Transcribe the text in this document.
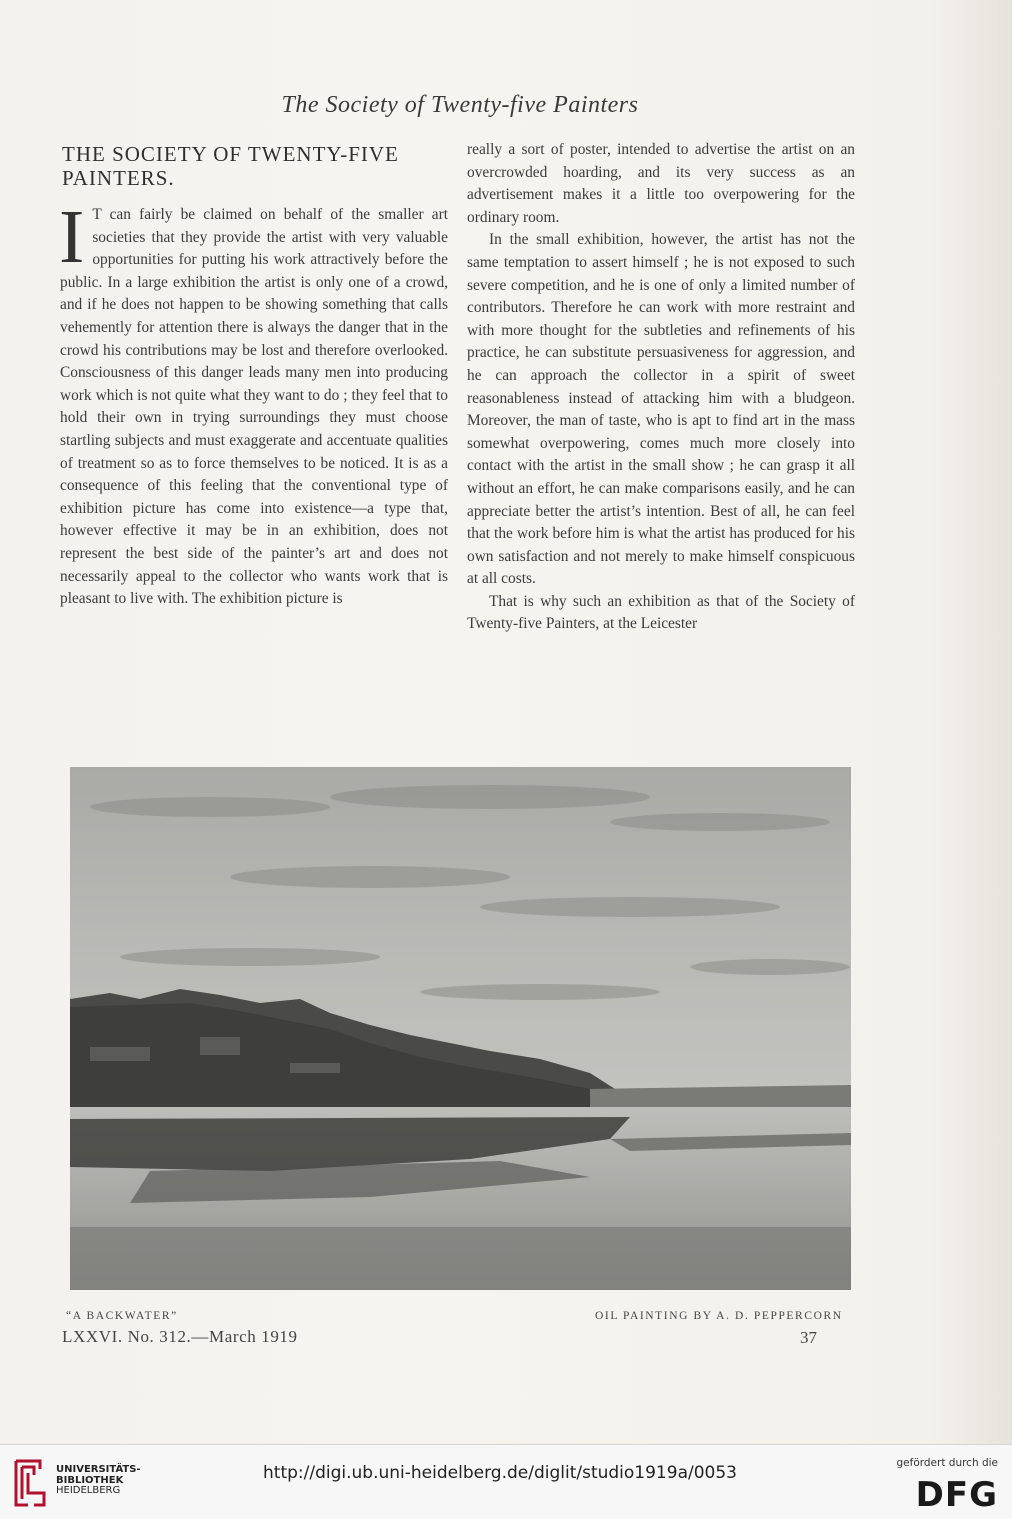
The Society of Twenty-five Painters
THE SOCIETY OF TWENTY-FIVE
PAINTERS.

I T can fairly be claimed on behalf of the smaller art societies that they provide the artist with very valuable opportunities for putting his work attractively before the public. In a large exhibition the artist is only one of a crowd, and if he does not happen to be showing something that calls vehemently for attention there is always the danger that in the crowd his contributions may be lost and therefore overlooked. Consciousness of this danger leads many men into producing work which is not quite what they want to do ; they feel that to hold their own in trying surroundings they must choose startling subjects and must exaggerate and accentuate qualities of treatment so as to force themselves to be noticed. It is as a consequence of this feeling that the conventional type of exhibition picture has come into existence—a type that, however effective it may be in an exhibition, does not represent the best side of the painter’s art and does not necessarily appeal to the collector who wants work that is pleasant to live with. The exhibition picture is

really a sort of poster, intended to advertise the artist on an overcrowded hoarding, and its very success as an advertisement makes it a little too overpowering for the ordinary room.

In the small exhibition, however, the artist has not the same temptation to assert himself ; he is not exposed to such severe competition, and he is one of only a limited number of contributors. Therefore he can work with more restraint and with more thought for the subtleties and refinements of his practice, he can substitute persuasiveness for aggression, and he can approach the collector in a spirit of sweet reasonableness instead of attacking him with a bludgeon. Moreover, the man of taste, who is apt to find art in the mass somewhat overpowering, comes much more closely into contact with the artist in the small show ; he can grasp it all without an effort, he can make comparisons easily, and he can appreciate better the artist’s intention. Best of all, he can feel that the work before him is what the artist has produced for his own satisfaction and not merely to make himself conspicuous at all costs.

That is why such an exhibition as that of the Society of Twenty-five Painters, at the Leicester

“A BACKWATER”	OIL PAINTING BY A. D. PEPPERCORN
LXXVI. No. 312.—March 1919	37
UNIVERSITÄTS-
BIBLIOTHEK
HEIDELBERG
http://digi.ub.uni-heidelberg.de/diglit/studio1919a/0053	gefördert durch die
DFG
